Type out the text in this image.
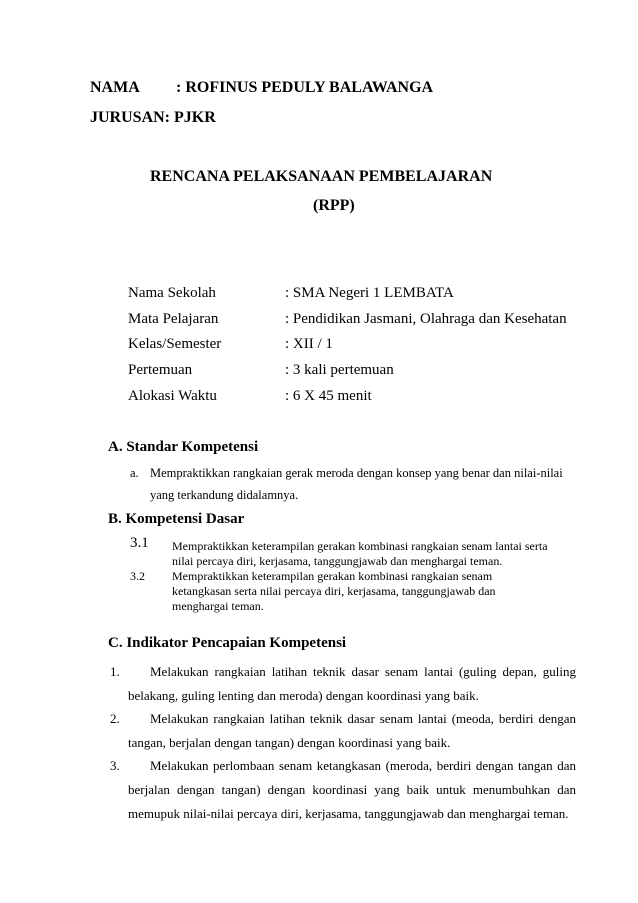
NAMA : ROFINUS PEDULY BALAWANGA
JURUSAN: PJKR
RENCANA PELAKSANAAN PEMBELAJARAN
(RPP)
Nama Sekolah	: SMA Negeri 1 LEMBATA
Mata Pelajaran	: Pendidikan Jasmani, Olahraga dan Kesehatan
Kelas/Semester	: XII / 1
Pertemuan	: 3 kali pertemuan
Alokasi Waktu	: 6 X 45 menit
A. Standar Kompetensi
a. Mempraktikkan rangkaian gerak meroda dengan konsep yang benar dan nilai-nilai
yang terkandung didalamnya.
B. Kompetensi Dasar
3.1 Mempraktikkan keterampilan gerakan kombinasi rangkaian senam lantai serta
nilai percaya diri, kerjasama, tanggungjawab dan menghargai teman.
3.2 Mempraktikkan keterampilan gerakan kombinasi rangkaian senam
ketangkasan serta nilai percaya diri, kerjasama, tanggungjawab dan
menghargai teman.
C. Indikator Pencapaian Kompetensi
1. Melakukan rangkaian latihan teknik dasar senam lantai (guling depan, guling
belakang, guling lenting dan meroda) dengan koordinasi yang baik.
2. Melakukan rangkaian latihan teknik dasar senam lantai (meoda, berdiri dengan
tangan, berjalan dengan tangan) dengan koordinasi yang baik.
3. Melakukan perlombaan senam ketangkasan (meroda, berdiri dengan tangan dan
berjalan dengan tangan) dengan koordinasi yang baik untuk menumbuhkan dan
memupuk nilai-nilai percaya diri, kerjasama, tanggungjawab dan menghargai teman.
